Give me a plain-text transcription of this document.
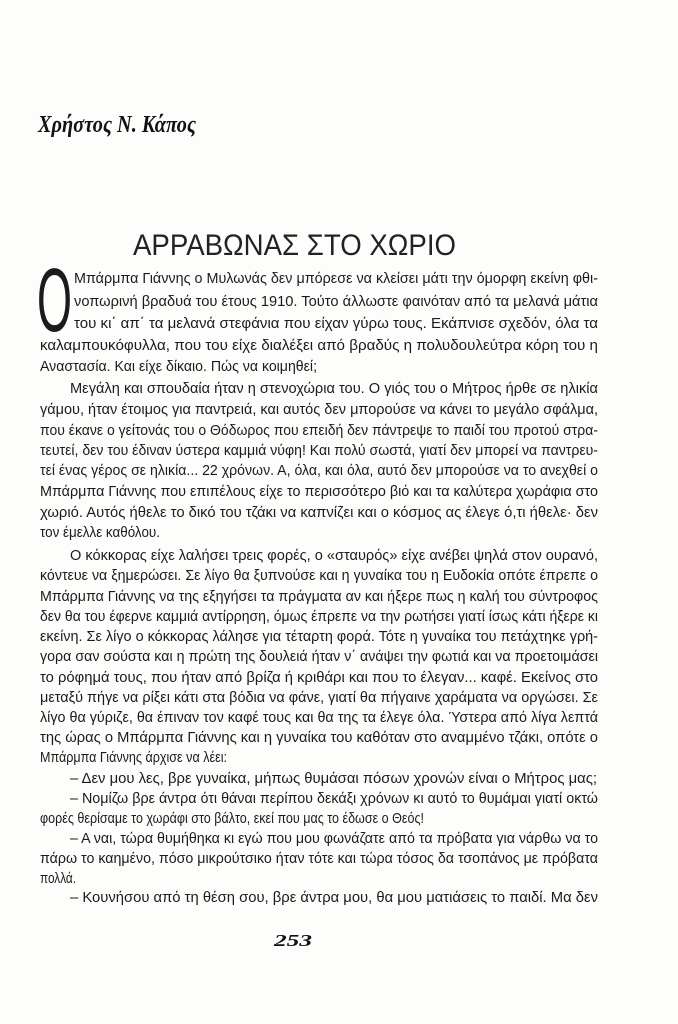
Χρήστος Ν. Κάπος
ΑΡΡΑΒΩΝΑΣ ΣΤΟ ΧΩΡΙΟ
Ο Μπάρμπα Γιάννης ο Μυλωνάς δεν μπόρεσε να κλείσει μάτι την όμορφη εκείνη φθι-
νοπωρινή βραδυά του έτους 1910. Τούτο άλλωστε φαινόταν από τα μελανά μάτια
του κι΄ απ΄ τα μελανά στεφάνια που είχαν γύρω τους. Εκάπνισε σχεδόν, όλα τα
καλαμπουκόφυλλα, που του είχε διαλέξει από βραδύς η πολυδουλεύτρα κόρη του η
Αναστασία. Και είχε δίκαιο. Πώς να κοιμηθεί;
Μεγάλη και σπουδαία ήταν η στενοχώρια του. Ο γιός του ο Μήτρος ήρθε σε ηλικία
γάμου, ήταν έτοιμος για παντρειά, και αυτός δεν μπορούσε να κάνει το μεγάλο σφάλμα,
που έκανε ο γείτονάς του ο Θόδωρος που επειδή δεν πάντρεψε το παιδί του προτού στρα-
τευτεί, δεν του έδιναν ύστερα καμμιά νύφη! Και πολύ σωστά, γιατί δεν μπορεί να παντρευ-
τεί ένας γέρος σε ηλικία... 22 χρόνων. Α, όλα, και όλα, αυτό δεν μπορούσε να το ανεχθεί ο
Μπάρμπα Γιάννης που επιπέλους είχε το περισσότερο βιό και τα καλύτερα χωράφια στο
χωριό. Αυτός ήθελε το δικό του τζάκι να καπνίζει και ο κόσμος ας έλεγε ό,τι ήθελε· δεν
τον έμελλε καθόλου.
Ο κόκκορας είχε λαλήσει τρεις φορές, ο «σταυρός» είχε ανέβει ψηλά στον ουρανό,
κόντευε να ξημερώσει. Σε λίγο θα ξυπνούσε και η γυναίκα του η Ευδοκία οπότε έπρεπε ο
Μπάρμπα Γιάννης να της εξηγήσει τα πράγματα αν και ήξερε πως η καλή του σύντροφος
δεν θα του έφερνε καμμιά αντίρρηση, όμως έπρεπε να την ρωτήσει γιατί ίσως κάτι ήξερε κι
εκείνη. Σε λίγο ο κόκκορας λάλησε για τέταρτη φορά. Τότε η γυναίκα του πετάχτηκε γρή-
γορα σαν σούστα και η πρώτη της δουλειά ήταν ν΄ ανάψει την φωτιά και να προετοιμάσει
το ρόφημά τους, που ήταν από βρίζα ή κριθάρι και που το έλεγαν... καφέ. Εκείνος στο
μεταξύ πήγε να ρίξει κάτι στα βόδια να φάνε, γιατί θα πήγαινε χαράματα να οργώσει. Σε
λίγο θα γύριζε, θα έπιναν τον καφέ τους και θα της τα έλεγε όλα. Ύστερα από λίγα λεπτά
της ώρας ο Μπάρμπα Γιάννης και η γυναίκα του καθόταν στο αναμμένο τζάκι, οπότε ο
Μπάρμπα Γιάννης άρχισε να λέει:
– Δεν μου λες, βρε γυναίκα, μήπως θυμάσαι πόσων χρονών είναι ο Μήτρος μας;
– Νομίζω βρε άντρα ότι θάναι περίπου δεκάξι χρόνων κι αυτό το θυμάμαι γιατί οκτώ
φορές θερίσαμε το χωράφι στο βάλτο, εκεί που μας το έδωσε ο Θεός!
– Α ναι, τώρα θυμήθηκα κι εγώ που μου φωνάζατε από τα πρόβατα για νάρθω να το
πάρω το καημένο, πόσο μικρούτσικο ήταν τότε και τώρα τόσος δα τσοπάνος με πρόβατα
πολλά.
– Κουνήσου από τη θέση σου, βρε άντρα μου, θα μου ματιάσεις το παιδί. Μα δεν
253
